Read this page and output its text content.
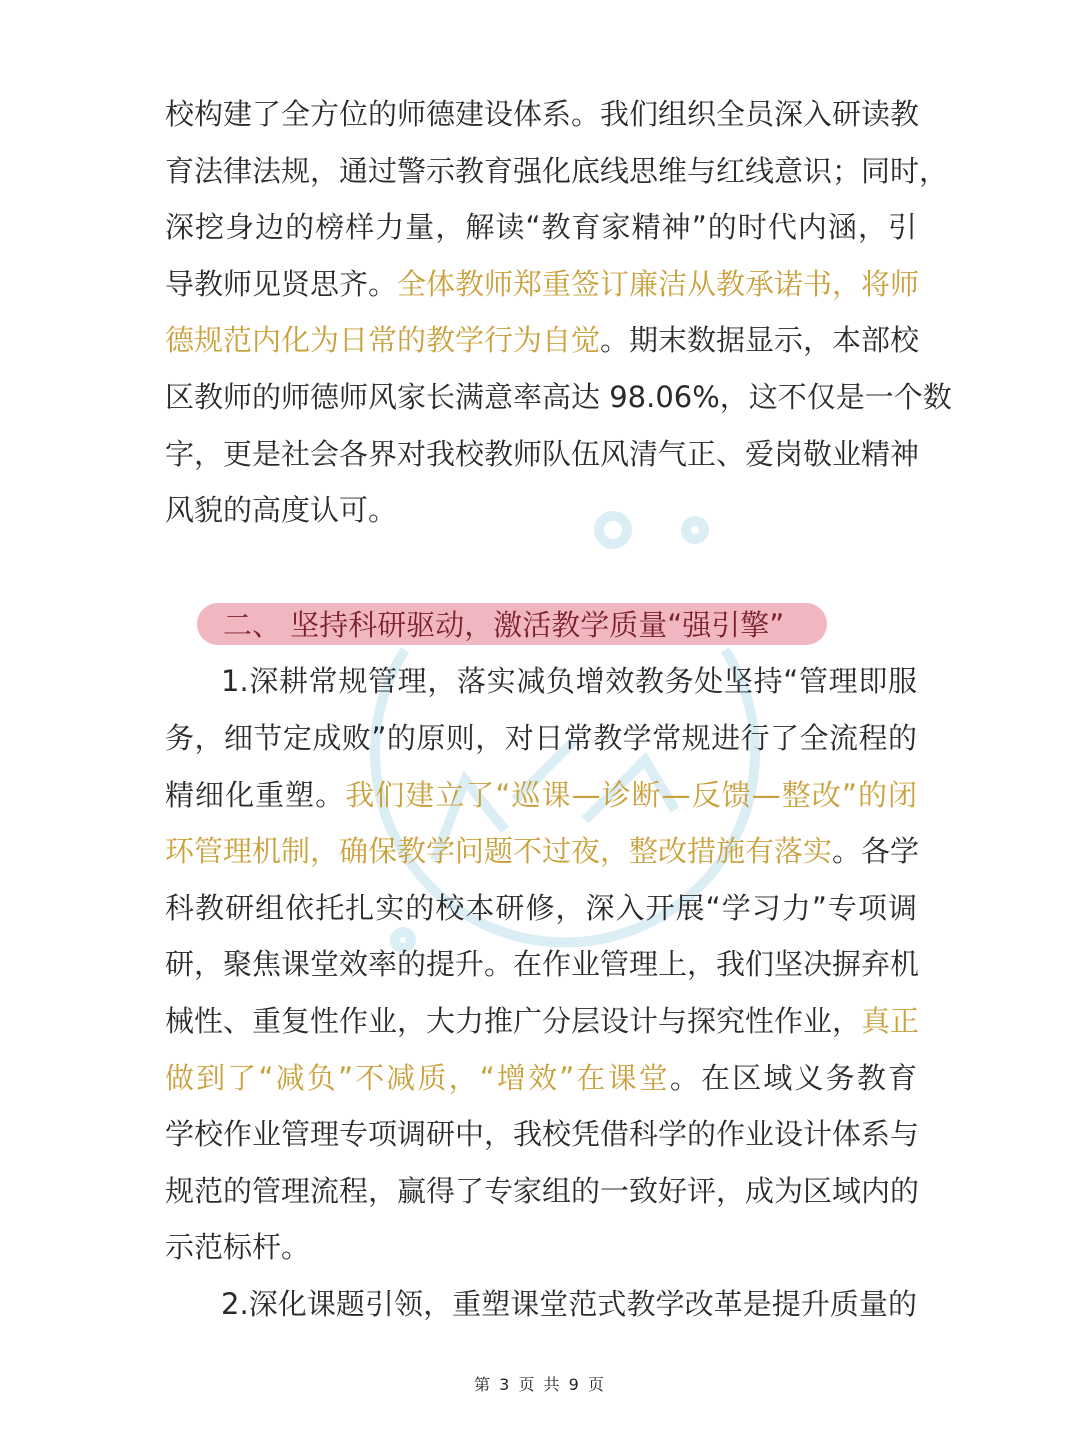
校构建了全方位的师德建设体系。我们组织全员深入研读教
育法律法规，通过警示教育强化底线思维与红线意识；同时，
深挖身边的榜样力量，解读“教育家精神”的时代内涵，引
导教师见贤思齐。全体教师郑重签订廉洁从教承诺书，将师
德规范内化为日常的教学行为自觉。期末数据显示，本部校
区教师的师德师风家长满意率高达 98.06%，这不仅是一个数
字，更是社会各界对我校教师队伍风清气正、爱岗敬业精神
风貌的高度认可。
二、 坚持科研驱动，激活教学质量“强引擎”
1.深耕常规管理，落实减负增效教务处坚持“管理即服
务，细节定成败”的原则，对日常教学常规进行了全流程的
精细化重塑。我们建立了“巡课—诊断—反馈—整改”的闭
环管理机制，确保教学问题不过夜，整改措施有落实。各学
科教研组依托扎实的校本研修，深入开展“学习力”专项调
研，聚焦课堂效率的提升。在作业管理上，我们坚决摒弃机
械性、重复性作业，大力推广分层设计与探究性作业，真正
做到了“减负”不减质，“增效”在课堂。在区域义务教育
学校作业管理专项调研中，我校凭借科学的作业设计体系与
规范的管理流程，赢得了专家组的一致好评，成为区域内的
示范标杆。
2.深化课题引领，重塑课堂范式教学改革是提升质量的
第 3 页 共 9 页
